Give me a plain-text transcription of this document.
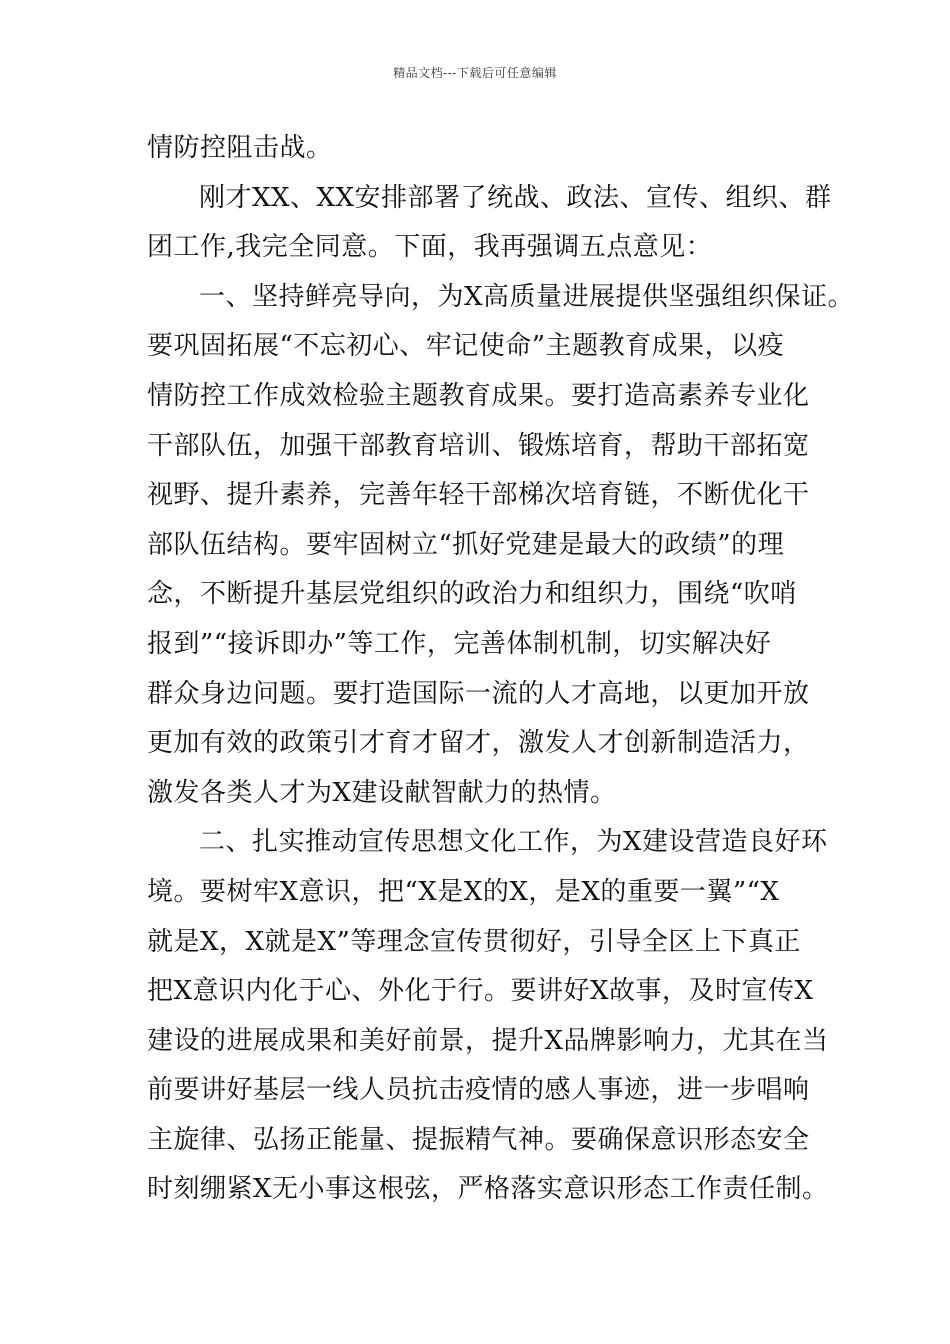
精品文档---下载后可任意编辑
情防控阻击战。
刚才XX、XX安排部署了统战、政法、宣传、组织、群
团工作,我完全同意。下面，我再强调五点意见：
一、坚持鲜亮导向，为X高质量进展提供坚强组织保证。
要巩固拓展“不忘初心、牢记使命”主题教育成果，以疫
情防控工作成效检验主题教育成果。要打造高素养专业化
干部队伍，加强干部教育培训、锻炼培育，帮助干部拓宽
视野、提升素养，完善年轻干部梯次培育链，不断优化干
部队伍结构。要牢固树立“抓好党建是最大的政绩”的理
念，不断提升基层党组织的政治力和组织力，围绕“吹哨
报到”“接诉即办”等工作，完善体制机制，切实解决好
群众身边问题。要打造国际一流的人才高地，以更加开放
更加有效的政策引才育才留才，激发人才创新制造活力，
激发各类人才为X建设献智献力的热情。
二、扎实推动宣传思想文化工作，为X建设营造良好环
境。要树牢X意识，把“X是X的X，是X的重要一翼”“X
就是X，X就是X”等理念宣传贯彻好，引导全区上下真正
把X意识内化于心、外化于行。要讲好X故事，及时宣传X
建设的进展成果和美好前景，提升X品牌影响力，尤其在当
前要讲好基层一线人员抗击疫情的感人事迹，进一步唱响
主旋律、弘扬正能量、提振精气神。要确保意识形态安全
时刻绷紧X无小事这根弦，严格落实意识形态工作责任制。
